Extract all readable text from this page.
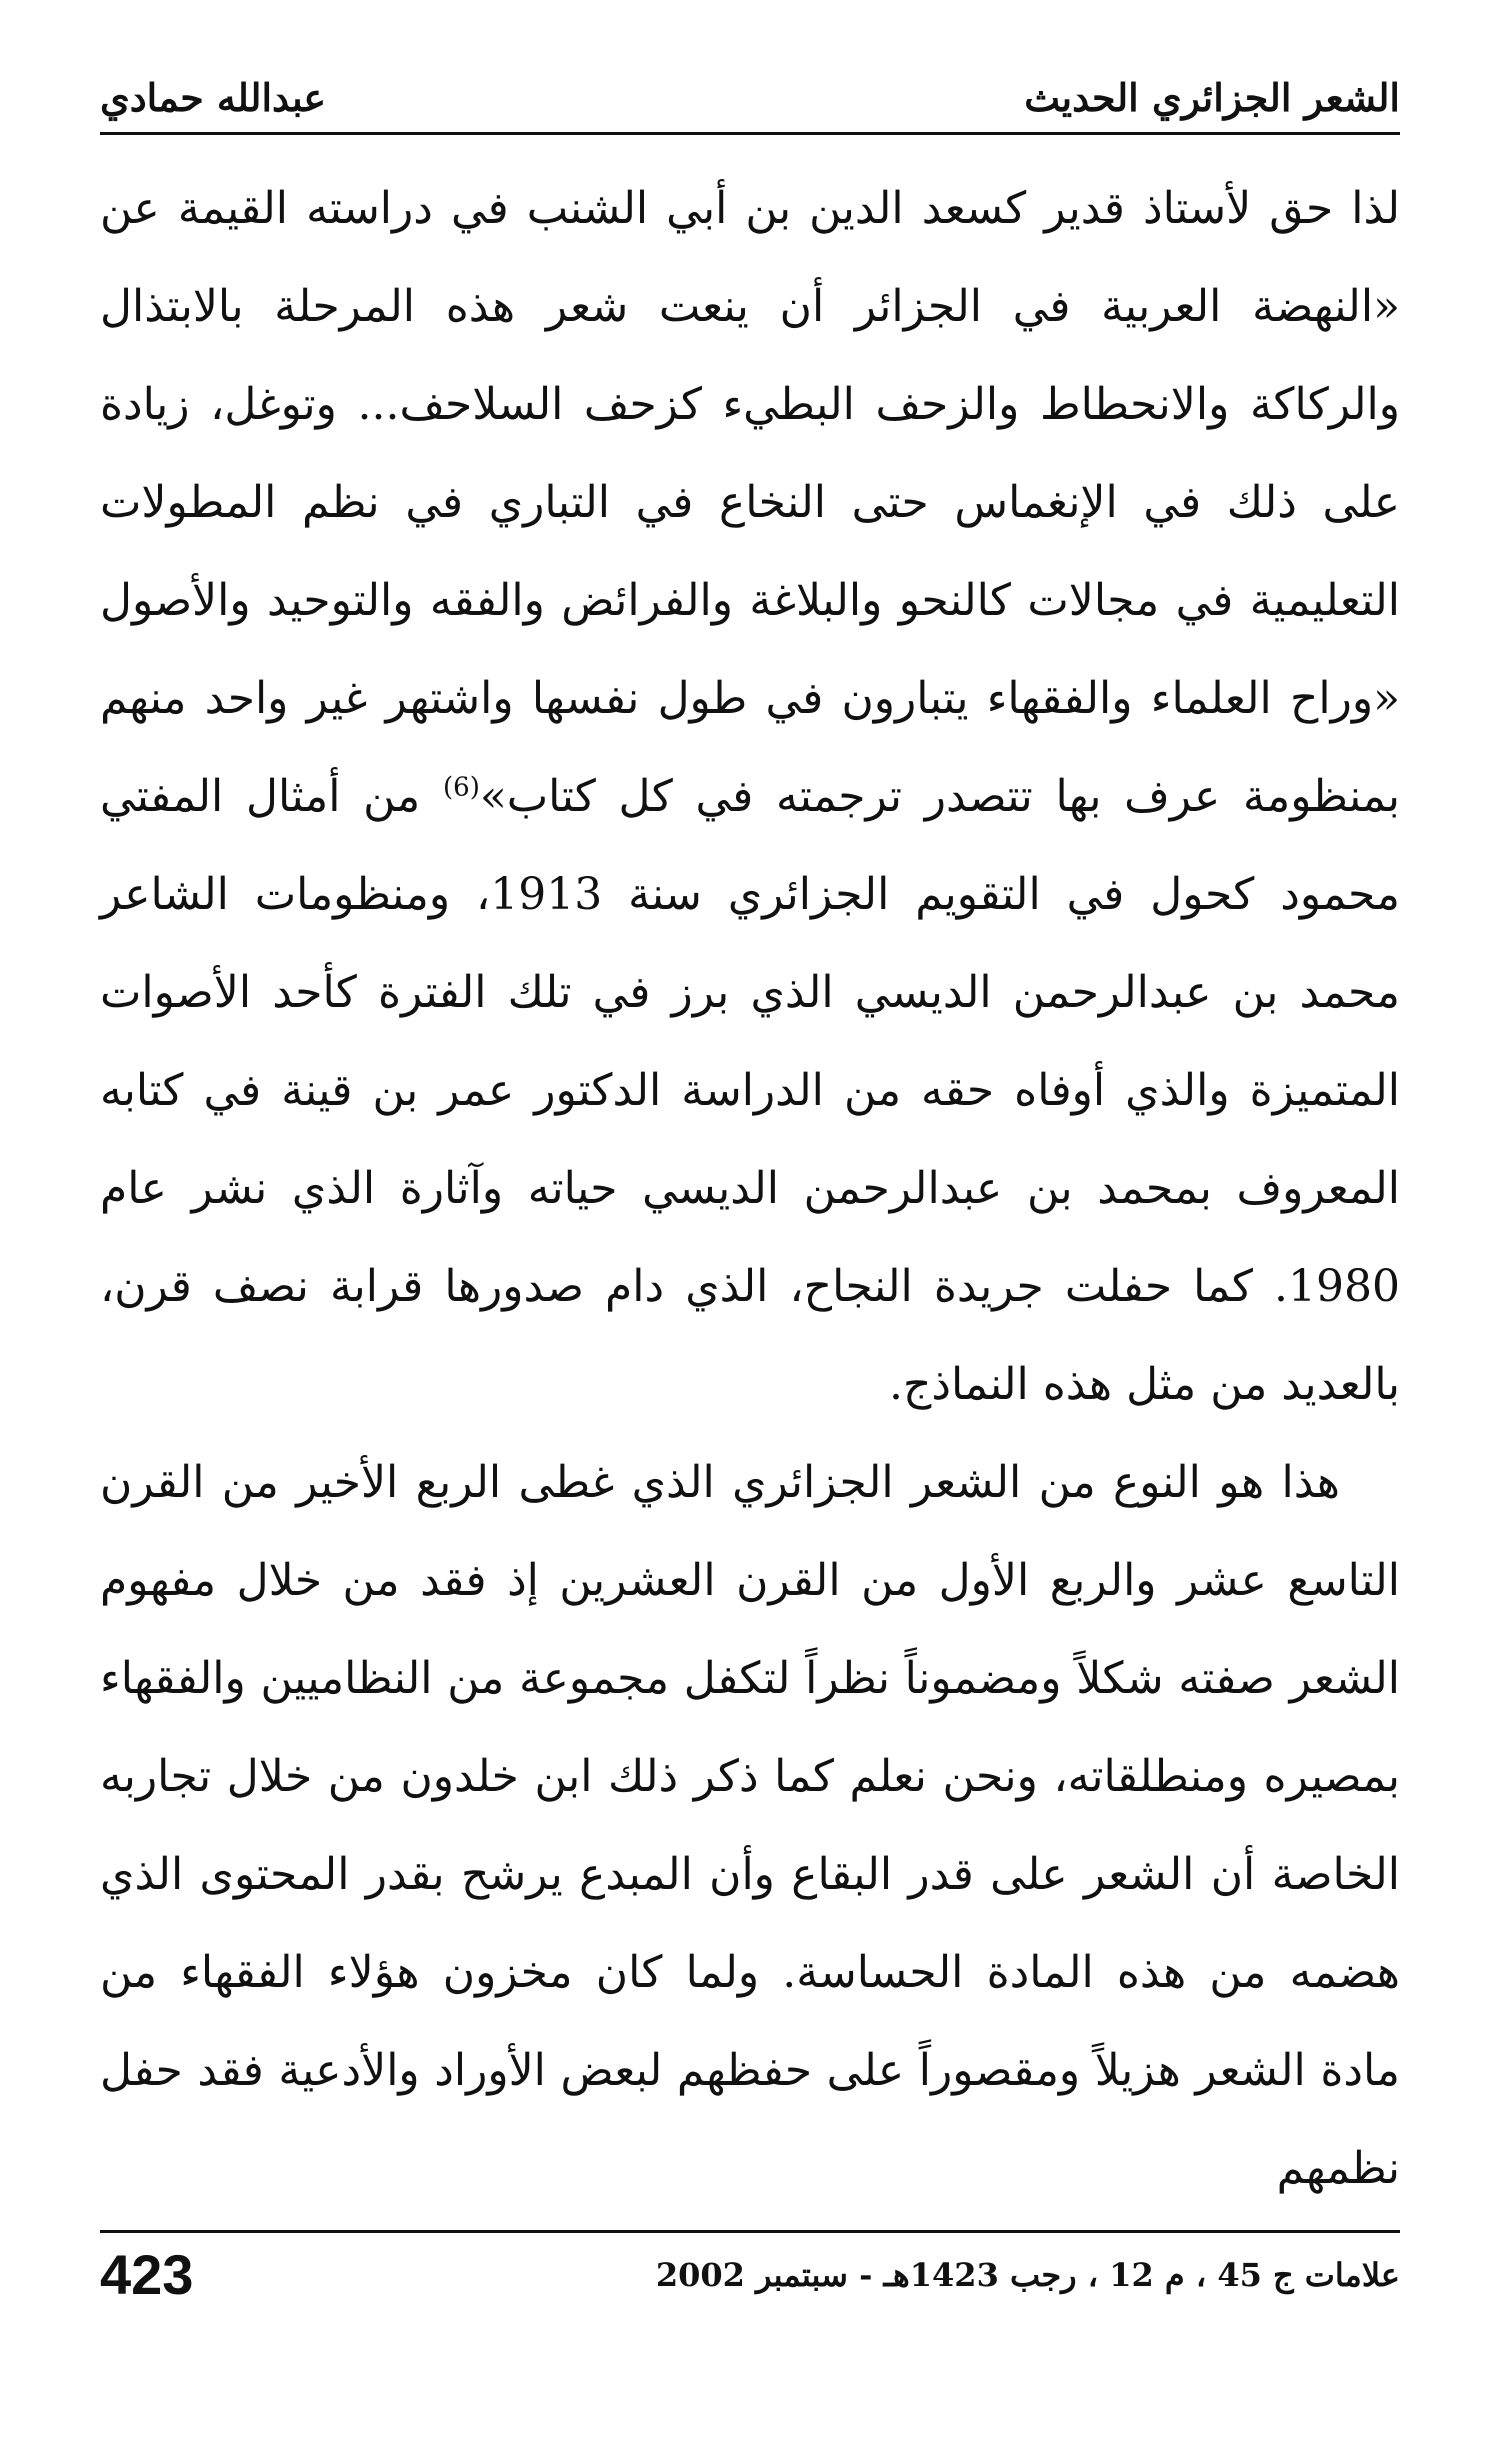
الشعر الجزائري الحديث
عبدالله حمادي

لذا حق لأستاذ قدير كسعد الدين بن أبي الشنب في دراسته القيمة عن «النهضة العربية في الجزائر أن ينعت شعر هذه المرحلة بالابتذال والركاكة والانحطاط والزحف البطيء كزحف السلاحف... وتوغل، زيادة على ذلك في الإنغماس حتى النخاع في التباري في نظم المطولات التعليمية في مجالات كالنحو والبلاغة والفرائض والفقه والتوحيد والأصول «وراح العلماء والفقهاء يتبارون في طول نفسها واشتهر غير واحد منهم بمنظومة عرف بها تتصدر ترجمته في كل كتاب»$^{(6)}$ من أمثال المفتي محمود كحول في التقويم الجزائري سنة 1913، ومنظومات الشاعر محمد بن عبدالرحمن الديسي الذي برز في تلك الفترة كأحد الأصوات المتميزة والذي أوفاه حقه من الدراسة الدكتور عمر بن قينة في كتابه المعروف بمحمد بن عبدالرحمن الديسي حياته وآثارة الذي نشر عام 1980. كما حفلت جريدة النجاح، الذي دام صدورها قرابة نصف قرن، بالعديد من مثل هذه النماذج.

هذا هو النوع من الشعر الجزائري الذي غطى الربع الأخير من القرن التاسع عشر والربع الأول من القرن العشرين إذ فقد من خلال مفهوم الشعر صفته شكلاً ومضموناً نظراً لتكفل مجموعة من النظاميين والفقهاء بمصيره ومنطلقاته، ونحن نعلم كما ذكر ذلك ابن خلدون من خلال تجاربه الخاصة أن الشعر على قدر البقاع وأن المبدع يرشح بقدر المحتوى الذي هضمه من هذه المادة الحساسة. ولما كان مخزون هؤلاء الفقهاء من مادة الشعر هزيلاً ومقصوراً على حفظهم لبعض الأوراد والأدعية فقد حفل نظمهم

علامات ج 45 ، م 12 ، رجب 1423هـ - سبتمبر 2002
423
